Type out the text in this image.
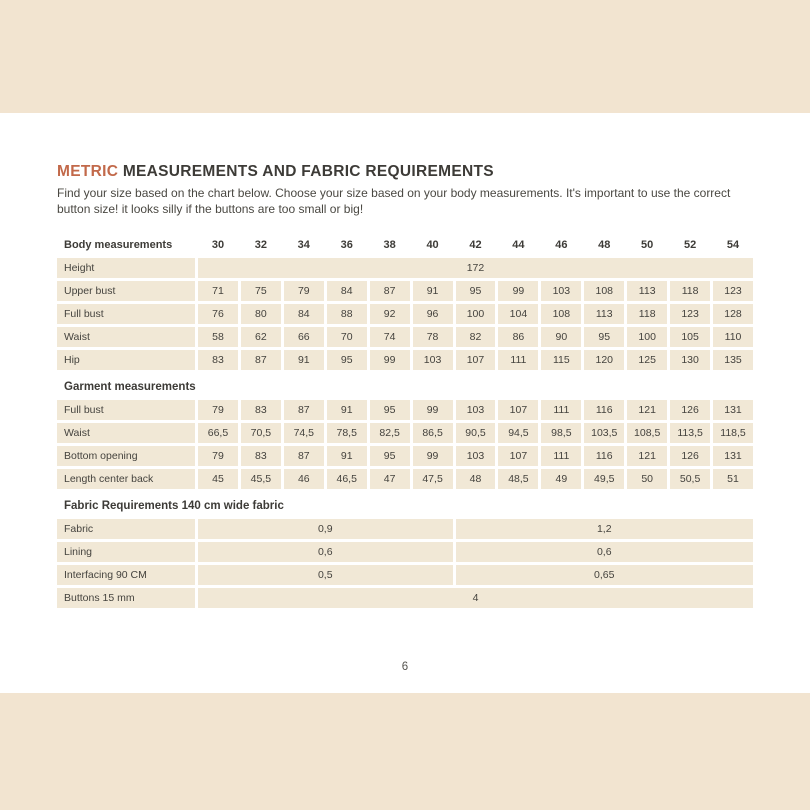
METRIC MEASUREMENTS AND FABRIC REQUIREMENTS

Find your size based on the chart below. Choose your size based on your body measurements. It's important to use the correct button size! it looks silly if the buttons are too small or big!

Body measurements	30	32	34	36	38	40	42	44	46	48	50	52	54
Height	172
Upper bust	71	75	79	84	87	91	95	99	103	108	113	118	123
Full bust	76	80	84	88	92	96	100	104	108	113	118	123	128
Waist	58	62	66	70	74	78	82	86	90	95	100	105	110
Hip	83	87	91	95	99	103	107	111	115	120	125	130	135
Garment measurements
Full bust	79	83	87	91	95	99	103	107	111	116	121	126	131
Waist	66,5	70,5	74,5	78,5	82,5	86,5	90,5	94,5	98,5	103,5	108,5	113,5	118,5
Bottom opening	79	83	87	91	95	99	103	107	111	116	121	126	131
Length center back	45	45,5	46	46,5	47	47,5	48	48,5	49	49,5	50	50,5	51
Fabric Requirements 140 cm wide fabric
Fabric	0,9	1,2
Lining	0,6	0,6
Interfacing 90 CM	0,5	0,65
Buttons 15 mm	4
6
